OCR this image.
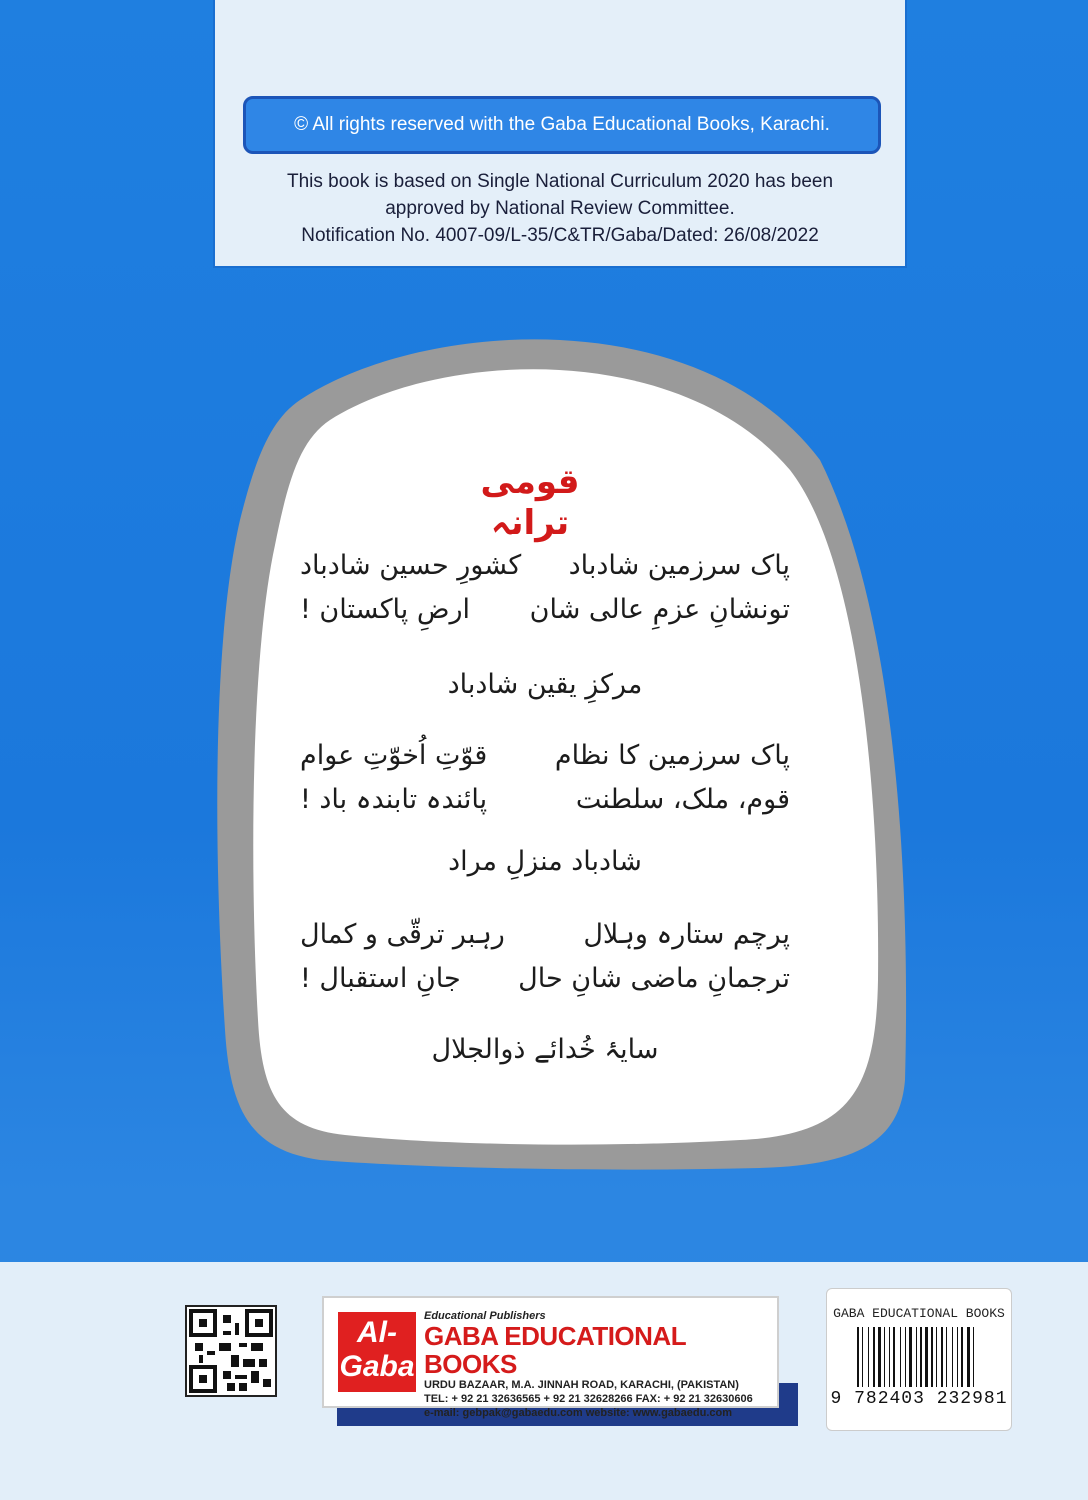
© All rights reserved with the Gaba Educational Books, Karachi.
This book is based on Single National Curriculum 2020 has been
approved by National Review Committee.
Notification No. 4007-09/L-35/C&TR/Gaba/Dated: 26/08/2022
قومی ترانہ
پاک سرزمین شادباد
کشورِ حسین شادباد
تونشانِ عزمِ عالی شان
ارضِ پاکستان !
مرکزِ یقین شادباد
پاک سرزمین کا نظام
قوّتِ اُخوّتِ عوام
قوم، ملک، سلطنت
پائندہ تابندہ باد !
شادباد منزلِ مراد
پرچم ستارہ وہلال
رہبر ترقّی و کمال
ترجمانِ ماضی شانِ حال
جانِ استقبال !
سایۂ خُدائے ذوالجلال
Al-
Gaba
Educational Publishers
GABA EDUCATIONAL BOOKS
URDU BAZAAR, M.A. JINNAH ROAD, KARACHI, (PAKISTAN)
TEL: + 92 21 32636565 + 92 21 32628266 FAX: + 92 21 32630606
e-mail: gebpak@gabaedu.com website: www.gabaedu.com
GABA EDUCATIONAL BOOKS
9 782403 232981
